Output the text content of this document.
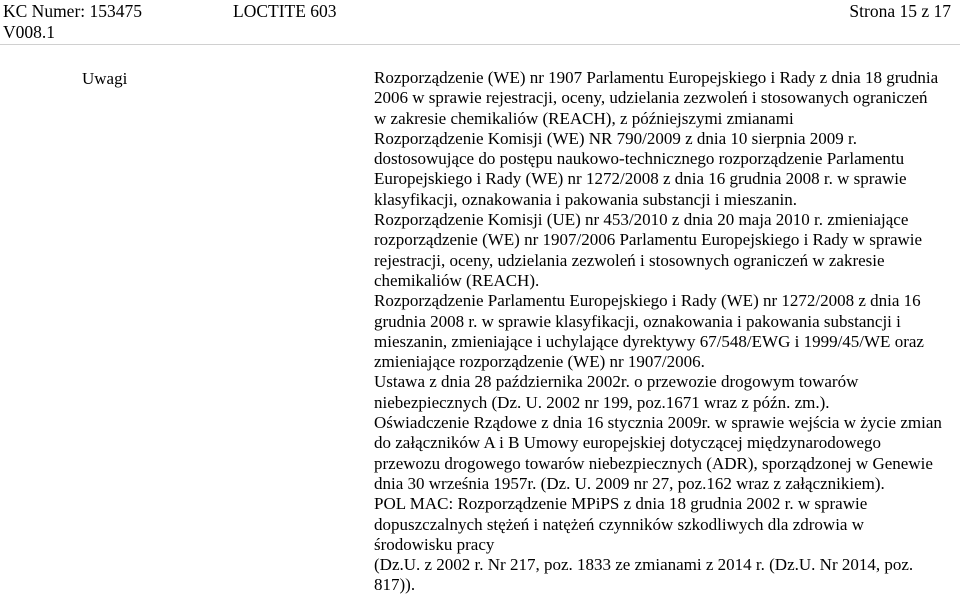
KC Numer: 153475	LOCTITE 603	Strona 15 z 17
V008.1
Uwagi	Rozporządzenie (WE) nr 1907 Parlamentu Europejskiego i Rady z dnia 18 grudnia 2006 w sprawie rejestracji, oceny, udzielania zezwoleń i stosowanych ograniczeń w zakresie chemikaliów (REACH), z późniejszymi zmianami

Rozporządzenie Komisji (WE) NR 790/2009 z dnia 10 sierpnia 2009 r. dostosowujące do postępu naukowo-technicznego rozporządzenie Parlamentu Europejskiego i Rady (WE) nr 1272/2008 z dnia 16 grudnia 2008 r. w sprawie klasyfikacji, oznakowania i pakowania substancji i mieszanin.

Rozporządzenie Komisji (UE) nr 453/2010 z dnia 20 maja 2010 r. zmieniające rozporządzenie (WE) nr 1907/2006 Parlamentu Europejskiego i Rady w sprawie rejestracji, oceny, udzielania zezwoleń i stosownych ograniczeń w zakresie chemikaliów (REACH).

Rozporządzenie Parlamentu Europejskiego i Rady (WE) nr 1272/2008 z dnia 16 grudnia 2008 r. w sprawie klasyfikacji, oznakowania i pakowania substancji i mieszanin, zmieniające i uchylające dyrektywy 67/548/EWG i 1999/45/WE oraz zmieniające rozporządzenie (WE) nr 1907/2006.

Ustawa z dnia 28 października 2002r. o przewozie drogowym towarów niebezpiecznych (Dz. U. 2002 nr 199, poz.1671 wraz z późn. zm.).

Oświadczenie Rządowe z dnia 16 stycznia 2009r. w sprawie wejścia w życie zmian do załączników A i B Umowy europejskiej dotyczącej międzynarodowego przewozu drogowego towarów niebezpiecznych (ADR), sporządzonej w Genewie dnia 30 września 1957r. (Dz. U. 2009 nr 27, poz.162 wraz z załącznikiem).

POL MAC: Rozporządzenie MPiPS z dnia 18 grudnia 2002 r. w sprawie dopuszczalnych stężeń i natężeń czynników szkodliwych dla zdrowia w środowisku pracy

(Dz.U. z 2002 r. Nr 217, poz. 1833 ze zmianami z 2014 r. (Dz.U. Nr 2014, poz. 817)).
